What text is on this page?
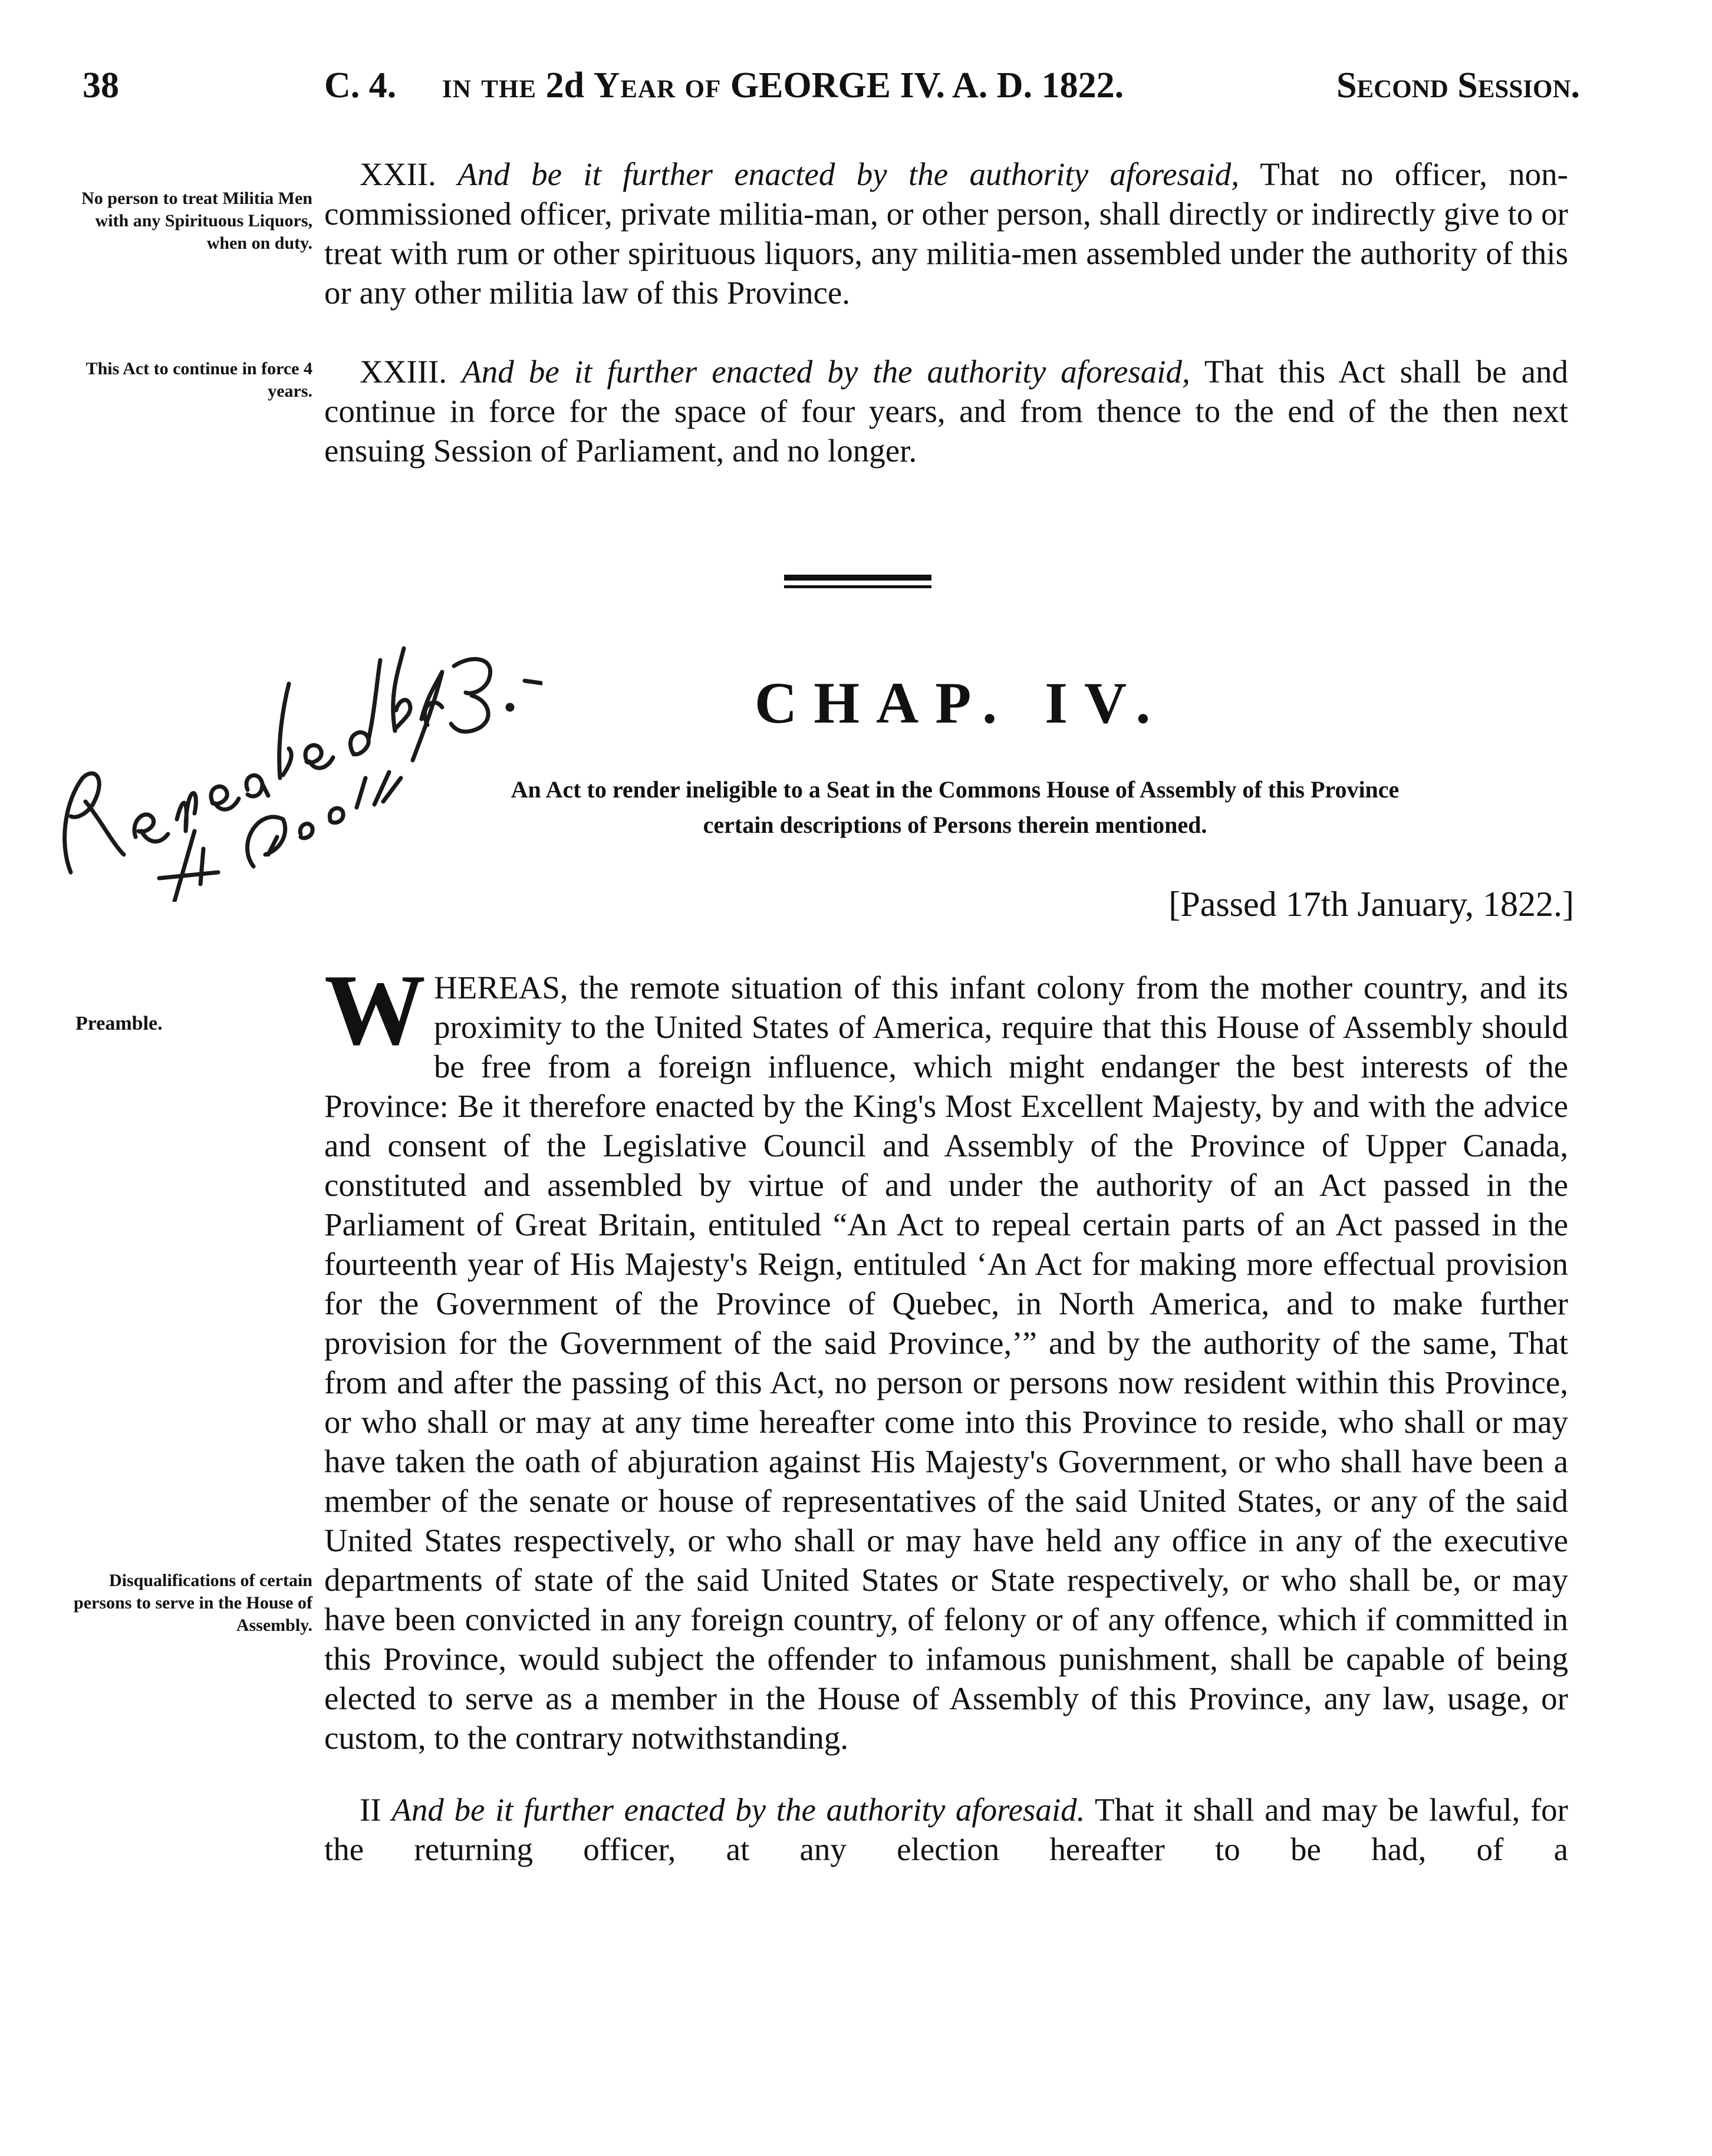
38	C. 4. in the 2d Year of GEORGE IV. A. D. 1822.	Second Session.
No person to treat Militia Men with any Spirituous Liquors, when on duty.

XXII. And be it further enacted by the authority aforesaid, That no officer, non-commissioned officer, private militia-man, or other person, shall directly or indirectly give to or treat with rum or other spirituous liquors, any militia-men assembled under the authority of this or any other militia law of this Province.

This Act to continue in force 4 years.

XXIII. And be it further enacted by the authority aforesaid, That this Act shall be and continue in force for the space of four years, and from thence to the end of the then next ensuing Session of Parliament, and no longer.

CHAP. IV.
An Act to render ineligible to a Seat in the Commons House of Assembly of this Province
certain descriptions of Persons therein mentioned.
[Passed 17th January, 1822.]
Preamble.
Disqualifications of certain persons to serve in the House of Assembly.

WHEREAS, the remote situation of this infant colony from the mother country, and its proximity to the United States of America, require that this House of Assembly should be free from a foreign influence, which might endanger the best interests of the Province: Be it therefore enacted by the King's Most Excellent Majesty, by and with the advice and consent of the Legislative Council and Assembly of the Province of Upper Canada, constituted and assembled by virtue of and under the authority of an Act passed in the Parliament of Great Britain, entituled “An Act to repeal certain parts of an Act passed in the fourteenth year of His Majesty's Reign, entituled ‘An Act for making more effectual provision for the Government of the Province of Quebec, in North America, and to make further provision for the Government of the said Province,’” and by the authority of the same, That from and after the passing of this Act, no person or persons now resident within this Province, or who shall or may at any time hereafter come into this Province to reside, who shall or may have taken the oath of abjuration against His Majesty's Government, or who shall have been a member of the senate or house of representatives of the said United States, or any of the said United States respectively, or who shall or may have held any office in any of the executive departments of state of the said United States or State respectively, or who shall be, or may have been convicted in any foreign country, of felony or of any offence, which if committed in this Province, would subject the offender to infamous punishment, shall be capable of being elected to serve as a member in the House of Assembly of this Province, any law, usage, or custom, to the contrary notwithstanding.

II And be it further enacted by the authority aforesaid. That it shall and may be lawful, for the returning officer, at any election hereafter to be had, of a
